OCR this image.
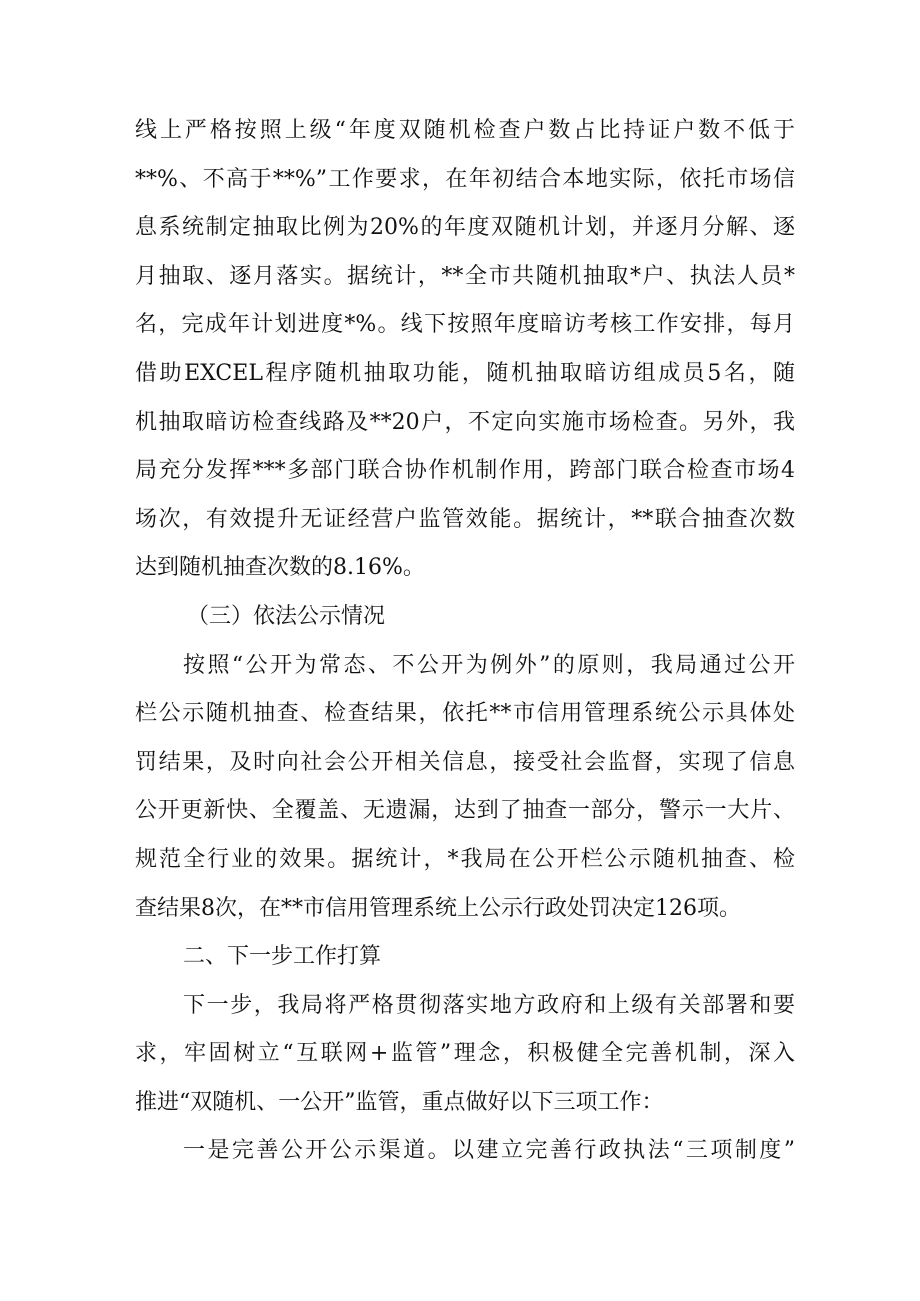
线上严格按照上级“年度双随机检查户数占比持证户数不低于
**%、不高于**%”工作要求，在年初结合本地实际，依托市场信
息系统制定抽取比例为20%的年度双随机计划，并逐月分解、逐
月抽取、逐月落实。据统计，**全市共随机抽取*户、执法人员*
名，完成年计划进度*%。线下按照年度暗访考核工作安排，每月
借助EXCEL程序随机抽取功能，随机抽取暗访组成员5名，随
机抽取暗访检查线路及**20户，不定向实施市场检查。另外，我
局充分发挥***多部门联合协作机制作用，跨部门联合检查市场4
场次，有效提升无证经营户监管效能。据统计，**联合抽查次数
达到随机抽查次数的8.16%。
（三）依法公示情况
按照“公开为常态、不公开为例外”的原则，我局通过公开
栏公示随机抽查、检查结果，依托**市信用管理系统公示具体处
罚结果，及时向社会公开相关信息，接受社会监督，实现了信息
公开更新快、全覆盖、无遗漏，达到了抽查一部分，警示一大片、
规范全行业的效果。据统计，*我局在公开栏公示随机抽查、检
查结果8次，在**市信用管理系统上公示行政处罚决定126项。
二、下一步工作打算
下一步，我局将严格贯彻落实地方政府和上级有关部署和要
求，牢固树立“互联网+监管”理念，积极健全完善机制，深入
推进“双随机、一公开”监管，重点做好以下三项工作：
一是完善公开公示渠道。以建立完善行政执法“三项制度”
